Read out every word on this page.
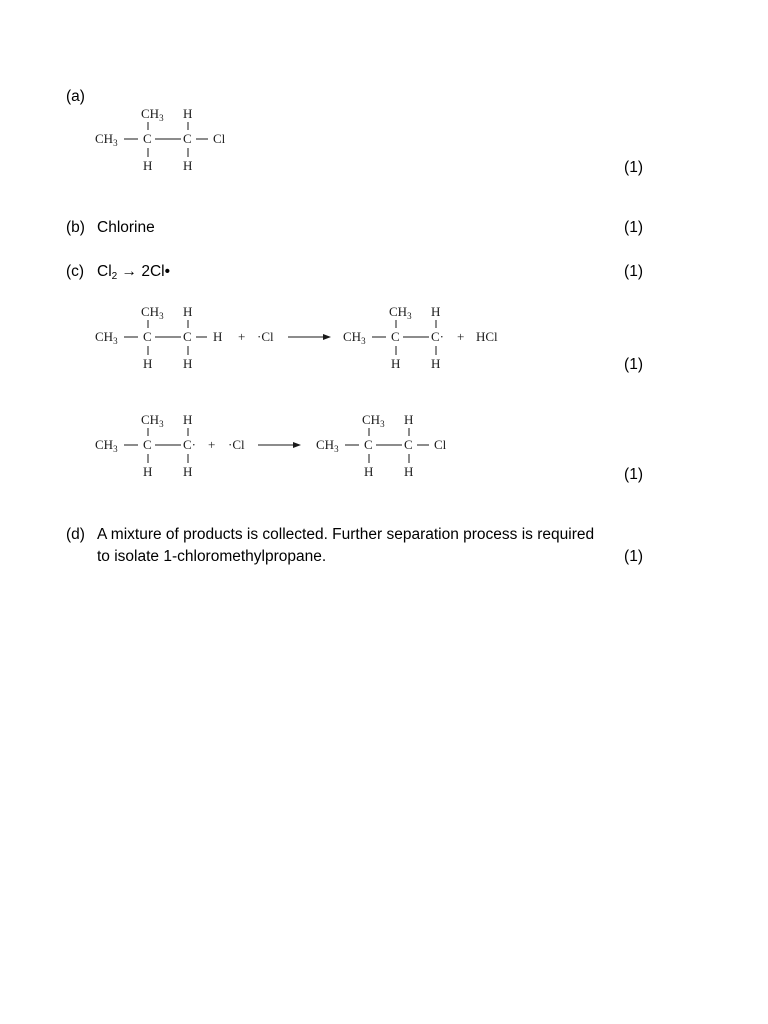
(a)
$CH_3$ H
$CH_3$ C C Cl
H H	(1)
(b) Chlorine	(1)
(c) $Cl_2$ → 2Cl•	(1)
$CH_3$ H
$CH_3$ C C H
H H
+ ·Cl
$CH_3$ H
$CH_3$ C C·
H H
+ HCl
(1)
$CH_3$ H
$CH_3$ C C·
H H
+ ·Cl
$CH_3$ H
$CH_3$ C C Cl
H H	(1)
(d) A mixture of products is collected. Further separation process is required
to isolate 1-chloromethylpropane.	(1)
